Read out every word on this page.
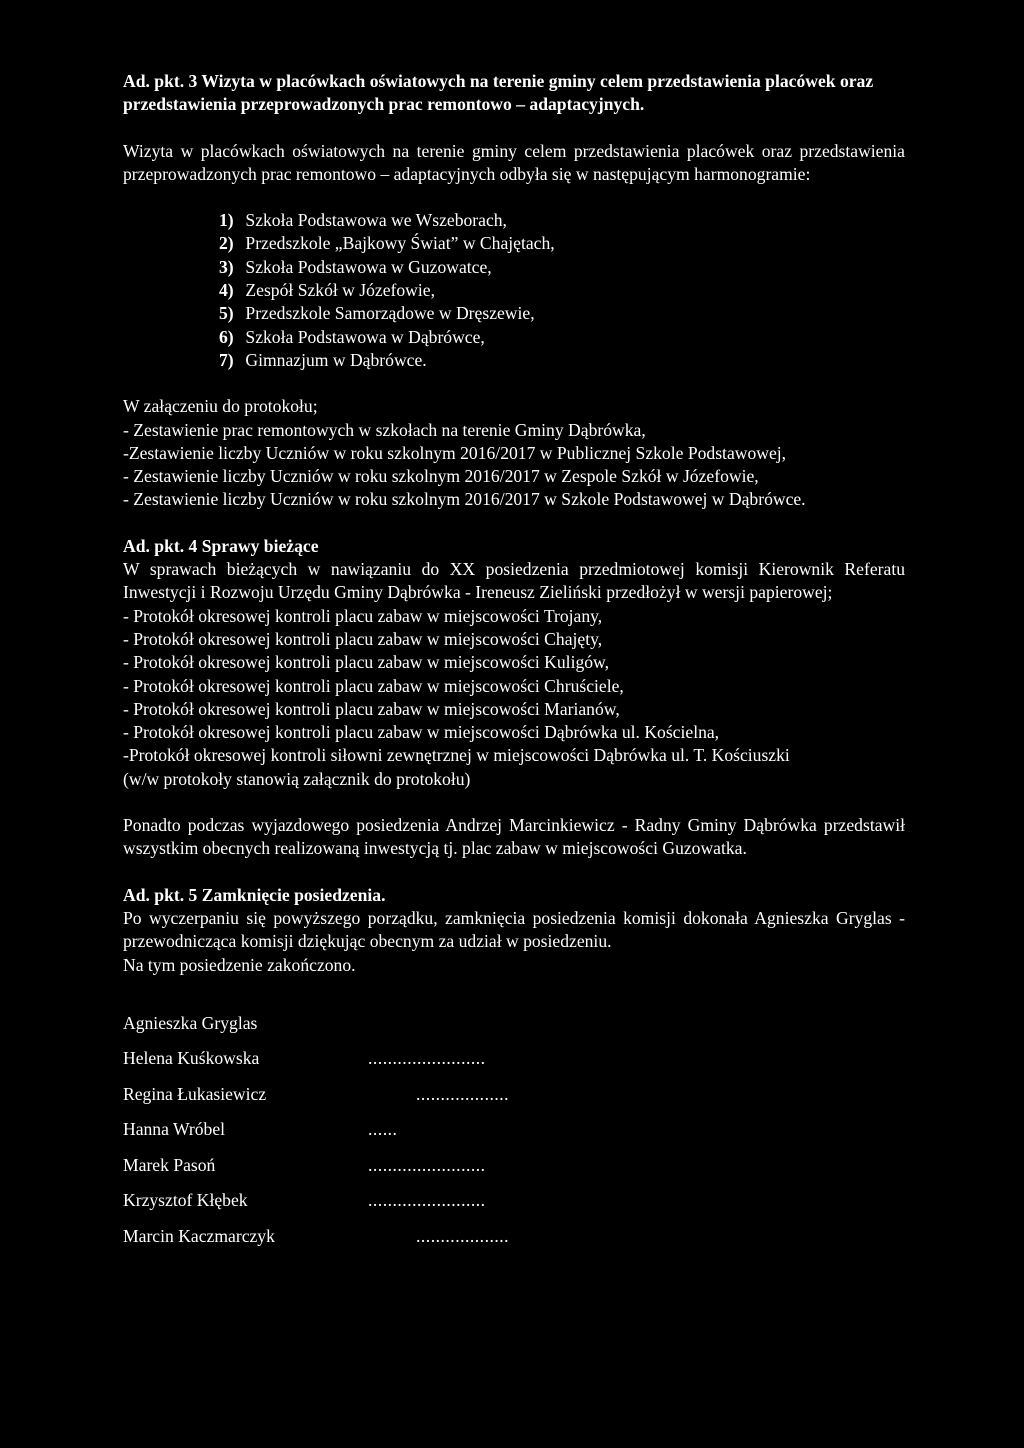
Ad. pkt. 3 Wizyta w placówkach oświatowych na terenie gminy celem przedstawienia placówek oraz przedstawienia przeprowadzonych prac remontowo – adaptacyjnych.

Wizyta w placówkach oświatowych na terenie gminy celem przedstawienia placówek oraz przedstawienia przeprowadzonych prac remontowo – adaptacyjnych odbyła się w następującym harmonogramie:

1) Szkoła Podstawowa we Wszeborach,
2) Przedszkole „Bajkowy Świat” w Chajętach,
3) Szkoła Podstawowa w Guzowatce,
4) Zespół Szkół w Józefowie,
5) Przedszkole Samorządowe w Dręszewie,
6) Szkoła Podstawowa w Dąbrówce,
7) Gimnazjum w Dąbrówce.

W załączeniu do protokołu;

- Zestawienie prac remontowych w szkołach na terenie Gminy Dąbrówka,

-Zestawienie liczby Uczniów w roku szkolnym 2016/2017 w Publicznej Szkole Podstawowej,

- Zestawienie liczby Uczniów w roku szkolnym 2016/2017 w Zespole Szkół w Józefowie,

- Zestawienie liczby Uczniów w roku szkolnym 2016/2017 w Szkole Podstawowej w Dąbrówce.

Ad. pkt. 4 Sprawy bieżące

W sprawach bieżących w nawiązaniu do XX posiedzenia przedmiotowej komisji Kierownik Referatu Inwestycji i Rozwoju Urzędu Gminy Dąbrówka - Ireneusz Zieliński przedłożył w wersji papierowej;

- Protokół okresowej kontroli placu zabaw w miejscowości Trojany,

- Protokół okresowej kontroli placu zabaw w miejscowości Chajęty,

- Protokół okresowej kontroli placu zabaw w miejscowości Kuligów,

- Protokół okresowej kontroli placu zabaw w miejscowości Chruściele,

- Protokół okresowej kontroli placu zabaw w miejscowości Marianów,

- Protokół okresowej kontroli placu zabaw w miejscowości Dąbrówka ul. Kościelna,

-Protokół okresowej kontroli siłowni zewnętrznej w miejscowości Dąbrówka ul. T. Kościuszki

(w/w protokoły stanowią załącznik do protokołu)

Ponadto podczas wyjazdowego posiedzenia Andrzej Marcinkiewicz - Radny Gminy Dąbrówka przedstawił wszystkim obecnych realizowaną inwestycją tj. plac zabaw w miejscowości Guzowatka.

Ad. pkt. 5 Zamknięcie posiedzenia.

Po wyczerpaniu się powyższego porządku, zamknięcia posiedzenia komisji dokonała Agnieszka Gryglas - przewodnicząca komisji dziękując obecnym za udział w posiedzeniu.

Na tym posiedzenie zakończono.

Agnieszka Gryglas
Helena Kuśkowska	........................
Regina Łukasiewicz	...................
Hanna Wróbel	......
Marek Pasoń	........................
Krzysztof Kłębek	........................
Marcin Kaczmarczyk	...................
